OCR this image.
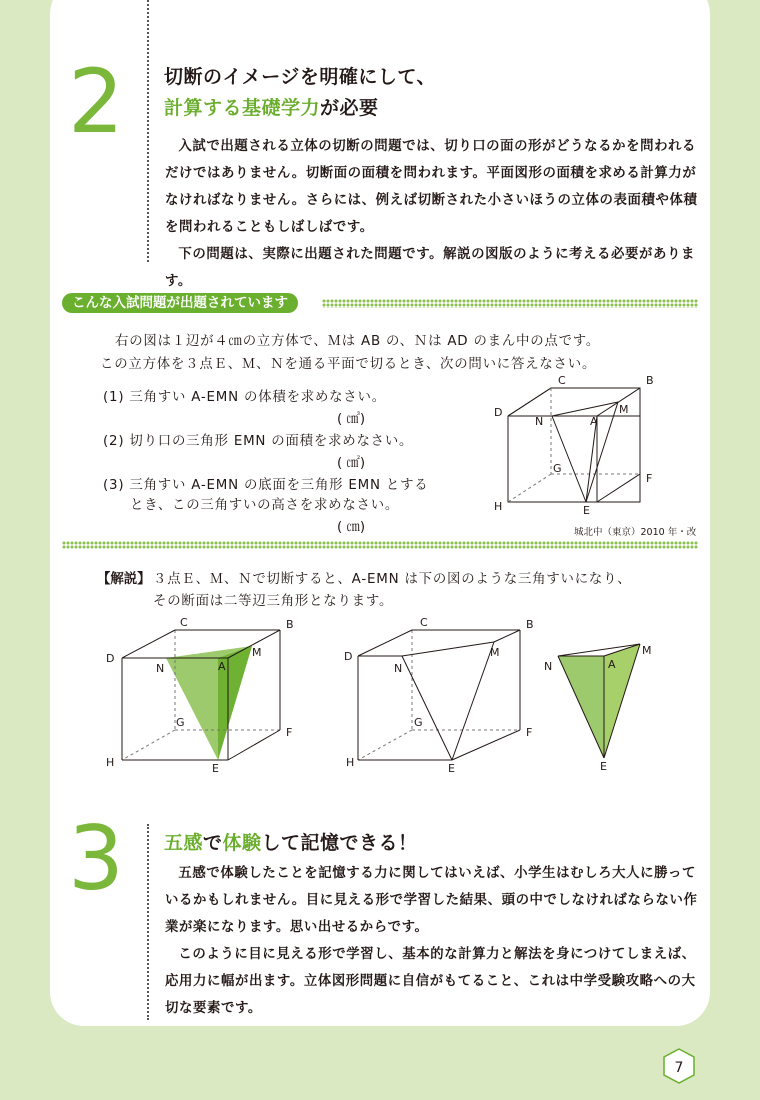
2 切断のイメージを明確にして、
計算する基礎学力が必要

入試で出題される立体の切断の問題では、切り口の面の形がどうなるかを問われるだけではありません。切断面の面積を問われます。平面図形の面積を求める計算力がなければなりません。さらには、例えば切断された小さいほうの立体の表面積や体積を問われることもしばしばです。

下の問題は、実際に出題された問題です。解説の図版のように考える必要があります。

こんな入試問題が出題されています
右の図は１辺が４㎝の立方体で、Ｍは AB の、Ｎは AD のまん中の点です。
この立方体を３点Ｅ、Ｍ、Ｎを通る平面で切るとき、次の問いに答えなさい。
(1) 三角すい A-EMN の体積を求めなさい。
( ㎤)
(2) 切り口の三角形 EMN の面積を求めなさい。
( ㎠)
(3) 三角すい A-EMN の底面を三角形 EMN とする
とき、この三角すいの高さを求めなさい。
( ㎝)
C	B
D
N	A
M
G
F
H	E
城北中（東京）2010 年・改
【解説】 ３点Ｅ、Ｍ、Ｎで切断すると、A-EMN は下の図のような三角すいになり、
その断面は二等辺三角形となります。
C	B
D
N	A
M
G
F
H	E
C	B
D
N
M
G
F
H	E
N	A
M
E
3 五感で体験して記憶できる！

五感で体験したことを記憶する力に関してはいえば、小学生はむしろ大人に勝っているかもしれません。目に見える形で学習した結果、頭の中でしなければならない作業が楽になります。思い出せるからです。

このように目に見える形で学習し、基本的な計算力と解法を身につけてしまえば、応用力に幅が出ます。立体図形問題に自信がもてること、これは中学受験攻略への大切な要素です。

7
